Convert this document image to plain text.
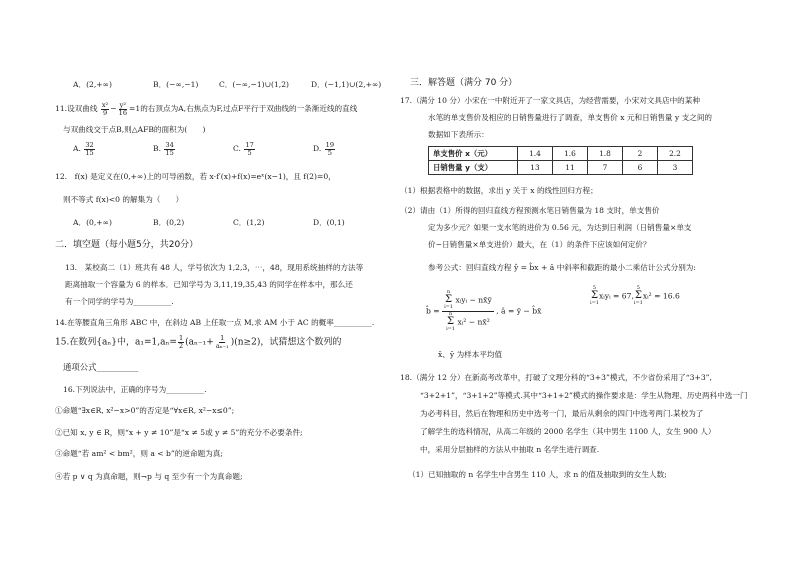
A．(2,+∞)	B．(−∞,−1)	C．(−∞,−1)∪(1,2)	D．(−1,1)∪(2,+∞)
11.设双曲线 $\frac{\text{x²}}{9} - \frac{\text{y²}}{16} =1$的右顶点为A,右焦点为F,过点F平行于双曲线的一条渐近线的直线
与双曲线交于点B,则△AFB的面积为(　　)
A. $\frac{32}{15}$	B. $\frac{34}{15}$	C. $\frac{17}{5}$	D. $\frac{19}{5}$
12.　f(x) 是定义在(0,+∞)上的可导函数，若 x·f′(x)+f(x)=eˣ(x−1)，且 f(2)=0，
则不等式 f(x)<0 的解集为（　　）
A．(0,+∞)	B．(0,2)	C．(1,2)	D．(0,1)
二．填空题（每小题5分，共20分）
13.　某校高二（1）班共有 48 人，学号依次为 1,2,3，⋯，48，现用系统抽样的方法等
距离抽取一个容量为 6 的样本．已知学号为 3,11,19,35,43 的同学在样本中，那么还
有一个同学的学号为__________.
14.在等腰直角三角形 ABC 中，在斜边 AB 上任取一点 M,求 AM 小于 AC 的概率__________.
15.在数列{aₙ}中，$a_1=1,a_n= \frac{1}{2} (a_{n-1}+ \frac{1}{\text{aₙ₋₁}} )(n\ge 2)$，试猜想这个数列的
通项公式__________
16.下列说法中，正确的序号为__________.
①命题“∃x∈R, x²−x>0”的否定是“∀x∈R, x²−x≤0”;
②已知 x, y ∈ R，则“x + y ≠ 10”是“x ≠ 5或 y ≠ 5”的充分不必要条件;
③命题“若 am² < bm²，则 a < b”的逆命题为真;
④若 p ∨ q 为真命题，则¬p 与 q 至少有一个为真命题;
三．解答题（满分 70 分）
17.（满分 10 分）小宋在一中附近开了一家文具店，为经营需要，小宋对文具店中的某种
水笔的单支售价及相应的日销售量进行了调查，单支售价 x 元和日销售量 y 支之间的
数据如下表所示：
单支售价 x（元）	1.4	1.6	1.8	2	2.2
日销售量 y（支）	13	11	7	6	3
（1）根据表格中的数据，求出 y 关于 x 的线性回归方程；
（2）请由（1）所得的回归直线方程预测水笔日销售量为 18 支时，单支售价
定为多少元？如果一支水笔的进价为 0.56 元，为达到日利润（日销售量×单支
价−日销售量×单支进价）最大，在（1）的条件下应该如何定价？
参考公式：回归直线方程 ŷ = b̂x + â 中斜率和截距的最小二乘估计公式分别为:
b̂ =
n
Σ
i=1 xᵢyᵢ − nx̄ȳ
n
Σ
i=1 xᵢ² − nx̄²
, â = ȳ − b̂x̄
5
Σ
i=1xᵢyᵢ = 67,5
Σ
i=1xᵢ² = 16.6
x̄、ȳ 为样本平均值
18.（满分 12 分）在新高考改革中，打破了文理分科的“3+3”模式，不少省份采用了“3+3”,
“3+2+1”，“3+1+2”等模式.其中“3+1+2”模式的操作要求是：学生从物理、历史两科中选一门
为必考科目，然后在物理和历史中选考一门，最后从剩余的四门中选考两门.某校为了
了解学生的选科情况，从高二年级的 2000 名学生（其中男生 1100 人，女生 900 人）
中，采用分层抽样的方法从中抽取 n 名学生进行调查.
（1）已知抽取的 n 名学生中含男生 110 人，求 n 的值及抽取到的女生人数;
